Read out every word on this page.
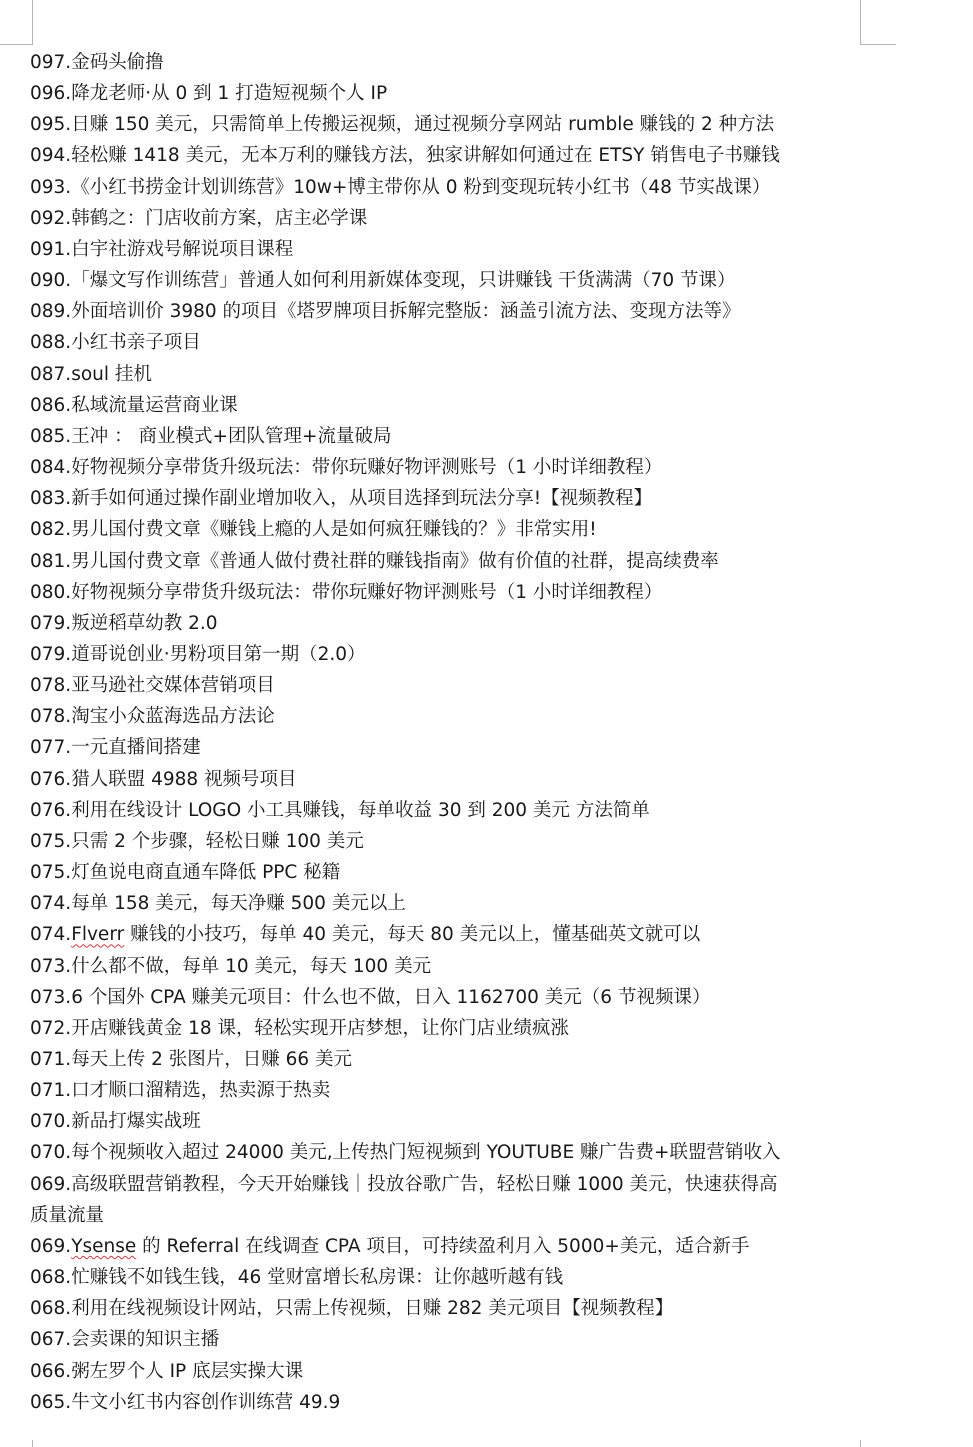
097.金码头偷撸
096.降龙老师·从 0 到 1 打造短视频个人 IP
095.日赚 150 美元，只需简单上传搬运视频，通过视频分享网站 rumble 赚钱的 2 种方法
094.轻松赚 1418 美元，无本万利的赚钱方法，独家讲解如何通过在 ETSY 销售电子书赚钱
093.《小红书捞金计划训练营》10w+博主带你从 0 粉到变现玩转小红书（48 节实战课）
092.韩鹤之：门店收前方案，店主必学课
091.白宇社游戏号解说项目课程
090.「爆文写作训练营」普通人如何利用新媒体变现，只讲赚钱 干货满满（70 节课）
089.外面培训价 3980 的项目《塔罗牌项目拆解完整版：涵盖引流方法、变现方法等》
088.小红书亲子项目
087.soul 挂机
086.私域流量运营商业课
085.王冲 ： 商业模式+团队管理+流量破局
084.好物视频分享带货升级玩法：带你玩赚好物评测账号（1 小时详细教程）
083.新手如何通过操作副业增加收入，从项目选择到玩法分享!【视频教程】
082.男儿国付费文章《赚钱上瘾的人是如何疯狂赚钱的？》非常实用!
081.男儿国付费文章《普通人做付费社群的赚钱指南》做有价值的社群，提高续费率
080.好物视频分享带货升级玩法：带你玩赚好物评测账号（1 小时详细教程）
079.叛逆稻草幼教 2.0
079.道哥说创业·男粉项目第一期（2.0）
078.亚马逊社交媒体营销项目
078.淘宝小众蓝海选品方法论
077.一元直播间搭建
076.猎人联盟 4988 视频号项目
076.利用在线设计 LOGO 小工具赚钱，每单收益 30 到 200 美元 方法简单
075.只需 2 个步骤，轻松日赚 100 美元
075.灯鱼说电商直通车降低 PPC 秘籍
074.每单 158 美元，每天净赚 500 美元以上
074.Flverr 赚钱的小技巧，每单 40 美元，每天 80 美元以上，懂基础英文就可以
073.什么都不做，每单 10 美元，每天 100 美元
073.6 个国外 CPA 赚美元项目：什么也不做，日入 1162700 美元（6 节视频课）
072.开店赚钱黄金 18 课，轻松实现开店梦想，让你门店业绩疯涨
071.每天上传 2 张图片，日赚 66 美元
071.口才顺口溜精选，热卖源于热卖
070.新品打爆实战班
070.每个视频收入超过 24000 美元,上传热门短视频到 YOUTUBE 赚广告费+联盟营销收入
069.高级联盟营销教程，今天开始赚钱｜投放谷歌广告，轻松日赚 1000 美元，快速获得高
质量流量
069.Ysense 的 Referral 在线调查 CPA 项目，可持续盈利月入 5000+美元，适合新手
068.忙赚钱不如钱生钱，46 堂财富增长私房课：让你越听越有钱
068.利用在线视频设计网站，只需上传视频，日赚 282 美元项目【视频教程】
067.会卖课的知识主播
066.粥左罗个人 IP 底层实操大课
065.牛文小红书内容创作训练营 49.9
